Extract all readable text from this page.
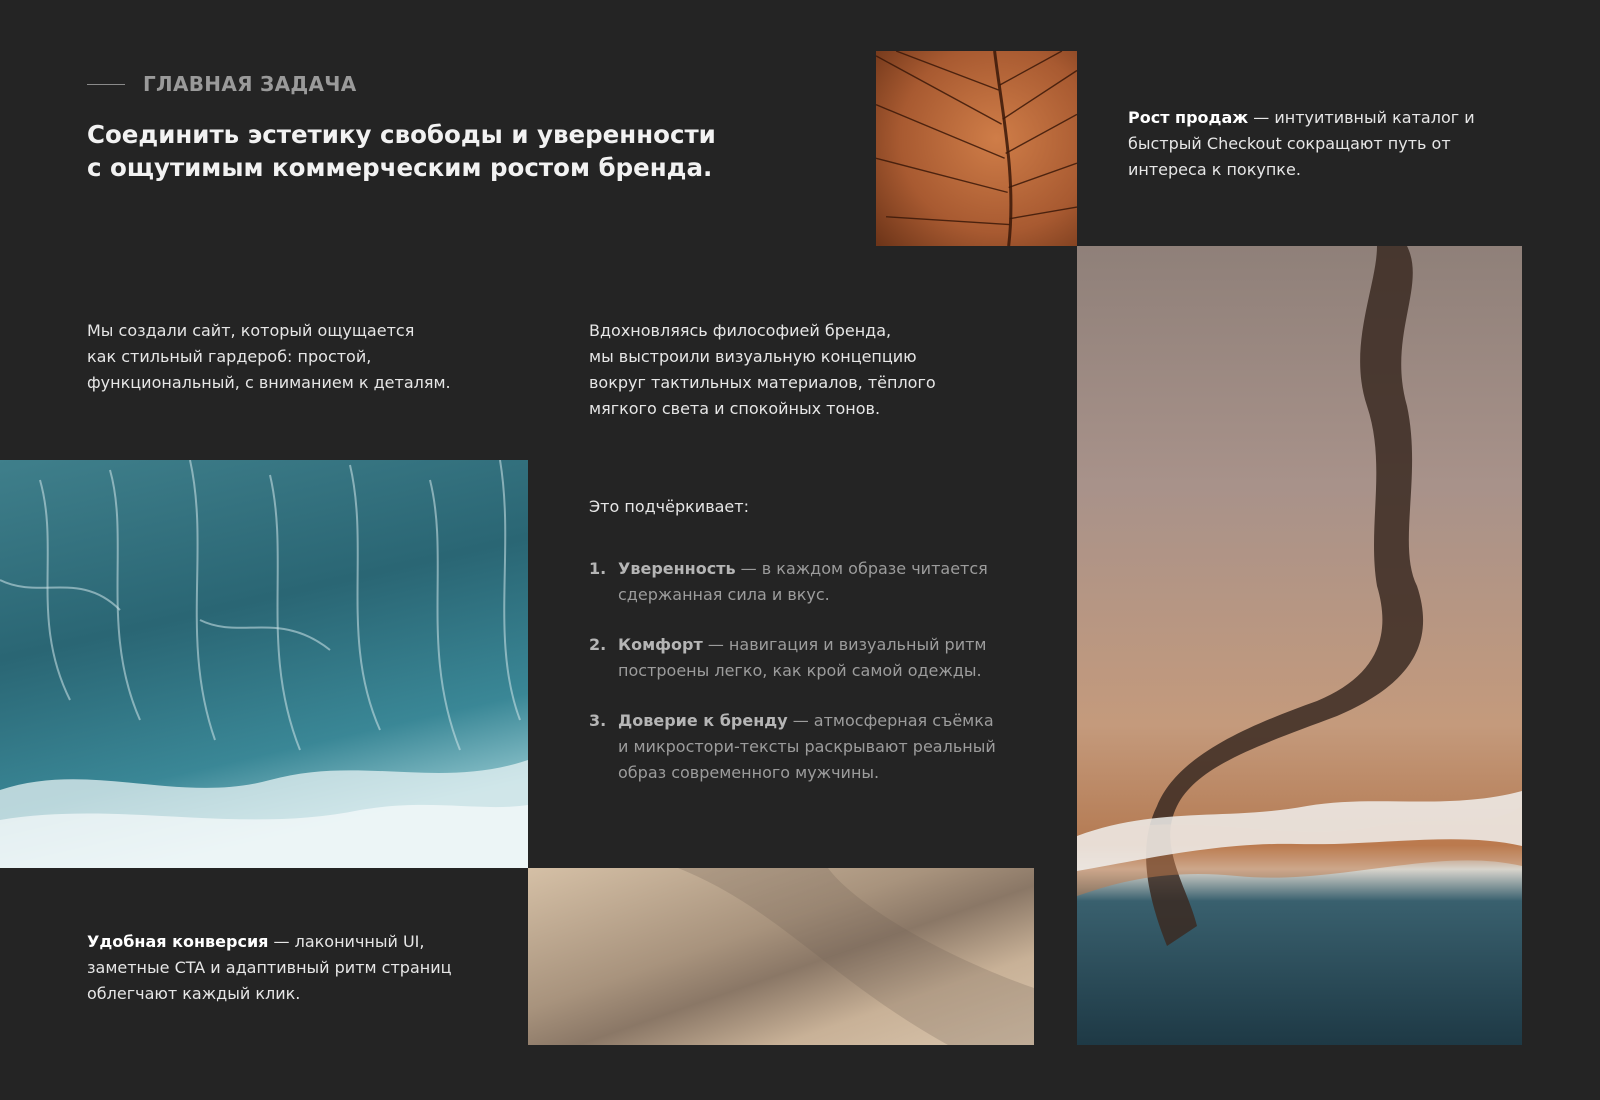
ГЛАВНАЯ ЗАДАЧА
Соединить эстетику свободы и уверенности
с ощутимым коммерческим ростом бренда.

Рост продаж — интуитивный каталог и
быстрый Checkout сокращают путь от
интереса к покупке.

Мы создали сайт, который ощущается
как стильный гардероб: простой,
функциональный, с вниманием к деталям.

Вдохновляясь философией бренда,
мы выстроили визуальную концепцию
вокруг тактильных материалов, тёплого
мягкого света и спокойных тонов.

Это подчёркивает:

1. Уверенность — в каждом образе читается
сдержанная сила и вкус.
2. Комфорт — навигация и визуальный ритм
построены легко, как крой самой одежды.
3. Доверие к бренду — атмосферная съёмка
и микростори-тексты раскрывают реальный
образ современного мужчины.

Удобная конверсия — лаконичный UI,
заметные CTA и адаптивный ритм страниц
облегчают каждый клик.
